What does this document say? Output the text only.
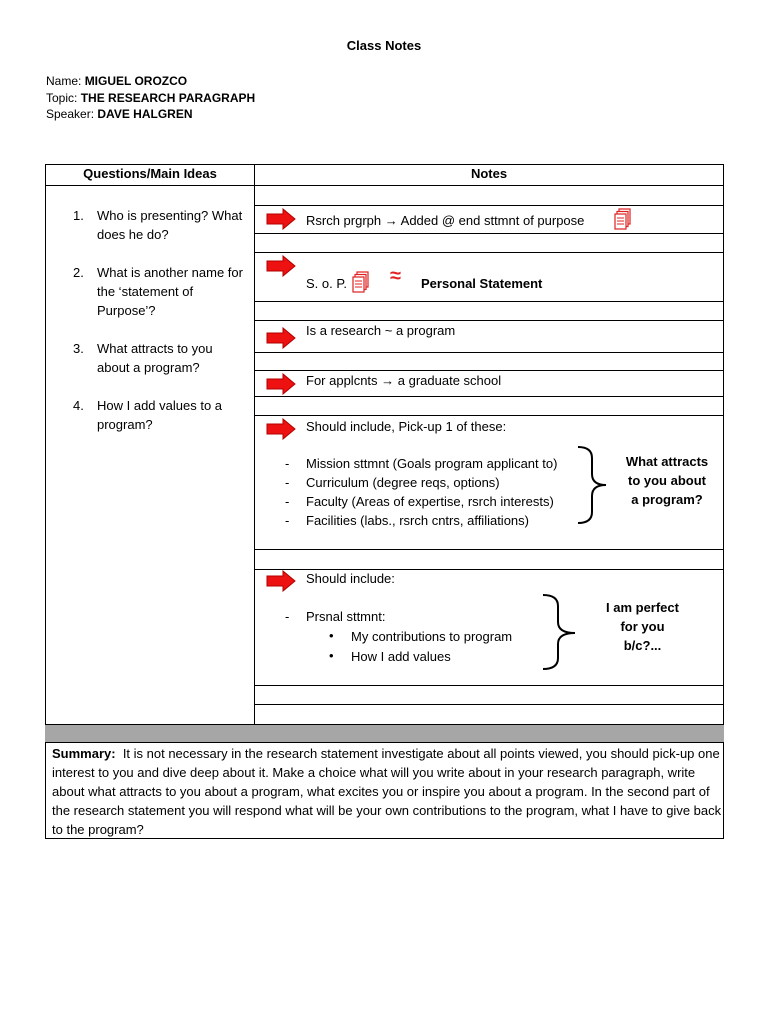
Class Notes
Name: MIGUEL OROZCO
Topic: THE RESEARCH PARAGRAPH
Speaker: DAVE HALGREN
Questions/Main Ideas	Notes
1. Who is presenting? What does he do?
2. What is another name for the ‘statement of Purpose’?
3. What attracts to you about a program?
4. How I add values to a program?
Rsrch prgrph → Added @ end sttmnt of purpose
S. o. P. ≈ Personal Statement
Is a research ~ a program
For applcnts → a graduate school
Should include, Pick-up 1 of these:
- Mission sttmnt (Goals program applicant to)
- Curriculum (degree reqs, options)
- Faculty (Areas of expertise, rsrch interests)
- Facilities (labs., rsrch cntrs, affiliations)
What attracts
to you about
a program?
Should include:
- Prsnal sttmnt:
• My contributions to program
• How I add values
I am perfect
for you
b/c?...
Summary: It is not necessary in the research statement investigate about all points viewed, you should pick-up one interest to you and dive deep about it. Make a choice what will you write about in your research paragraph, write about what attracts to you about a program, what excites you or inspire you about a program. In the second part of the research statement you will respond what will be your own contributions to the program, what I have to give back to the program?
